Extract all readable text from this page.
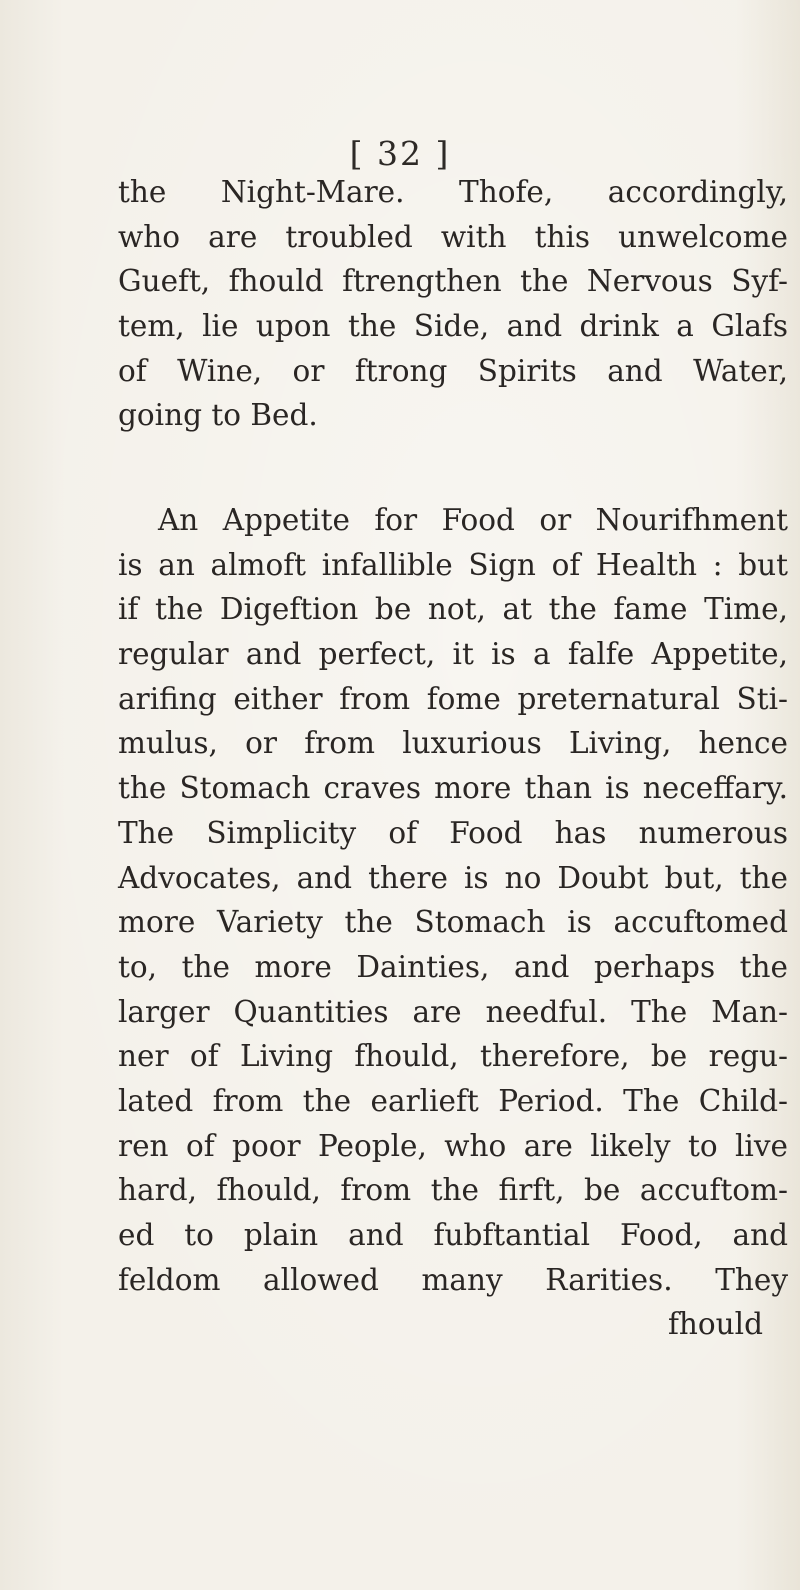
[ 32 ]
the Night-Mare. Thofe, accordingly,
who are troubled with this unwelcome
Gueft, fhould ftrengthen the Nervous Syf-
tem, lie upon the Side, and drink a Glafs
of Wine, or ftrong Spirits and Water,
going to Bed.
An Appetite for Food or Nourifhment
is an almoft infallible Sign of Health : but
if the Digeftion be not, at the fame Time,
regular and perfect, it is a falfe Appetite,
arifing either from fome preternatural Sti-
mulus, or from luxurious Living, hence
the Stomach craves more than is neceffary.
The Simplicity of Food has numerous
Advocates, and there is no Doubt but, the
more Variety the Stomach is accuftomed
to, the more Dainties, and perhaps the
larger Quantities are needful. The Man-
ner of Living fhould, therefore, be regu-
lated from the earlieft Period. The Child-
ren of poor People, who are likely to live
hard, fhould, from the firft, be accuftom-
ed to plain and fubftantial Food, and
feldom allowed many Rarities. They
fhould
